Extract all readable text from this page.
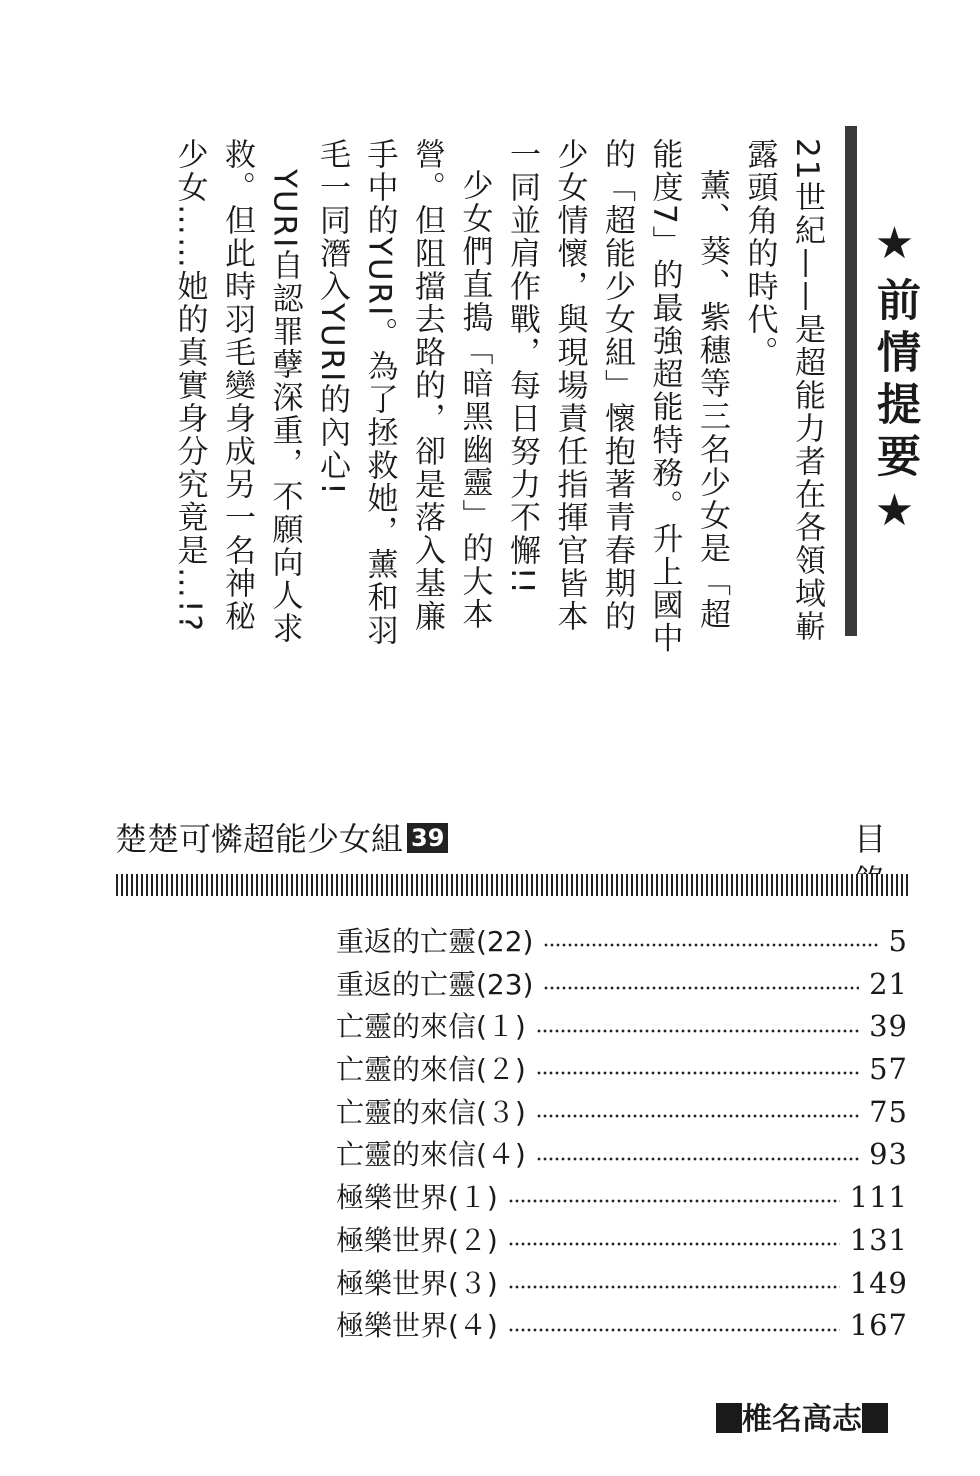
★前情提要★

21世紀——是超能力者在各領域嶄露頭角的時代。

薰、葵、紫穗等三名少女是「超能度7」的最強超能特務。升上國中的「超能少女組」懷抱著青春期的少女情懷，與現場責任指揮官皆本一同並肩作戰，每日努力不懈!!

少女們直搗「暗黑幽靈」的大本營。但阻擋去路的，卻是落入基廉手中的YURI。為了拯救她，薰和羽毛一同潛入YURI的內心!

YURI自認罪孽深重，不願向人求救。但此時羽毛變身成另一名神秘少女……她的真實身分究竟是…!?

楚楚可憐超能少女組 39	目
重返的亡靈(22)	5
重返的亡靈(23)	21
亡靈的來信(１)	39
亡靈的來信(２)	57
亡靈的來信(３)	75
亡靈的來信(４)	93
極樂世界(１)	111
極樂世界(２)	131
極樂世界(３)	149
極樂世界(４)	167
椎名高志
